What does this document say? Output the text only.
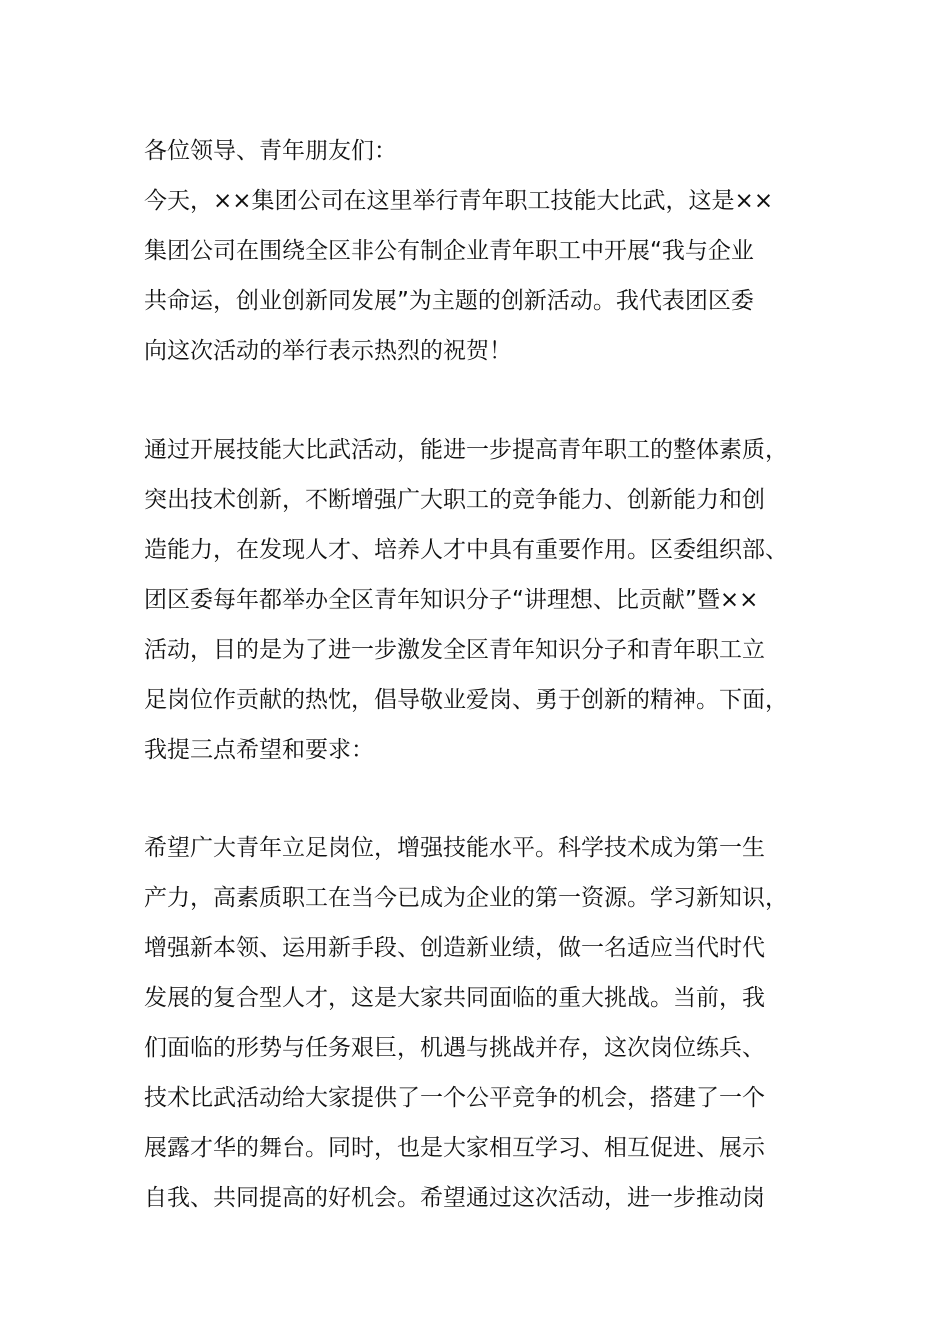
各位领导、青年朋友们：
今天，××集团公司在这里举行青年职工技能大比武，这是××
集团公司在围绕全区非公有制企业青年职工中开展“我与企业
共命运，创业创新同发展”为主题的创新活动。我代表团区委
向这次活动的举行表示热烈的祝贺！
通过开展技能大比武活动，能进一步提高青年职工的整体素质，
突出技术创新，不断增强广大职工的竞争能力、创新能力和创
造能力，在发现人才、培养人才中具有重要作用。区委组织部、
团区委每年都举办全区青年知识分子“讲理想、比贡献”暨××
活动，目的是为了进一步激发全区青年知识分子和青年职工立
足岗位作贡献的热忱，倡导敬业爱岗、勇于创新的精神。下面，
我提三点希望和要求：
希望广大青年立足岗位，增强技能水平。科学技术成为第一生
产力，高素质职工在当今已成为企业的第一资源。学习新知识，
增强新本领、运用新手段、创造新业绩，做一名适应当代时代
发展的复合型人才，这是大家共同面临的重大挑战。当前，我
们面临的形势与任务艰巨，机遇与挑战并存，这次岗位练兵、
技术比武活动给大家提供了一个公平竞争的机会，搭建了一个
展露才华的舞台。同时，也是大家相互学习、相互促进、展示
自我、共同提高的好机会。希望通过这次活动，进一步推动岗
